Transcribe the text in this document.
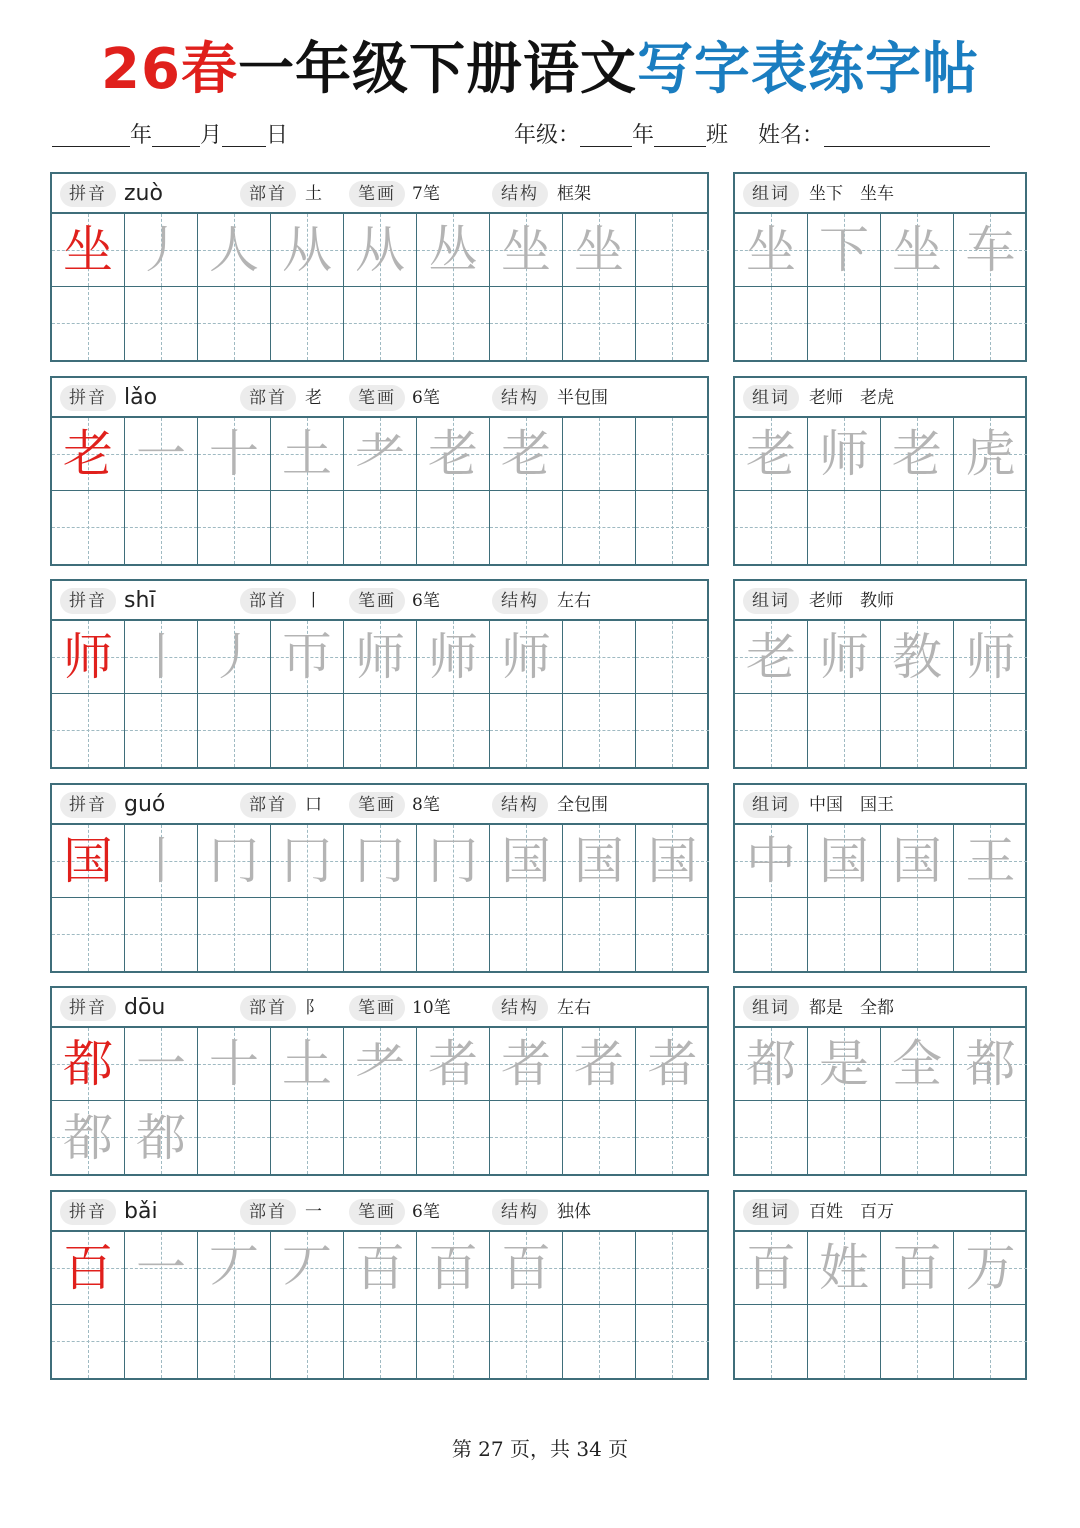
26春一年级下册语文写字表练字帖
年 月 日	年级： 年 班 姓名：
拼音 zuò	部首	土	笔画 7笔	结构	框架
坐 丿 人 从 从 丛 坐 坐
组词	坐下　坐车
坐 下 坐 车
拼音 lǎo	部首	老	笔画 6笔	结构	半包围
老 一 十 土 耂 老 老
组词	老师　老虎
老 师 老 虎
拼音 shī	部首	丨	笔画 6笔	结构	左右
师 丨 丿 帀 师 师 师
组词	老师　教师
老 师 教 师
拼音 guó	部首	口	笔画 8笔	结构	全包围
国 丨 冂 冂 冂 冂 国 国 国
组词	中国　国王
中 国 国 王
拼音 dōu	部首	阝	笔画 10笔	结构	左右
都 一 十 土 耂 者 者 者 者
都 都
组词	都是　全都
都 是 全 都
拼音 bǎi	部首	一	笔画 6笔	结构	独体
百 一 丆 丆 百 百 百
组词	百姓　百万
百 姓 百 万
第 27 页，共 34 页
